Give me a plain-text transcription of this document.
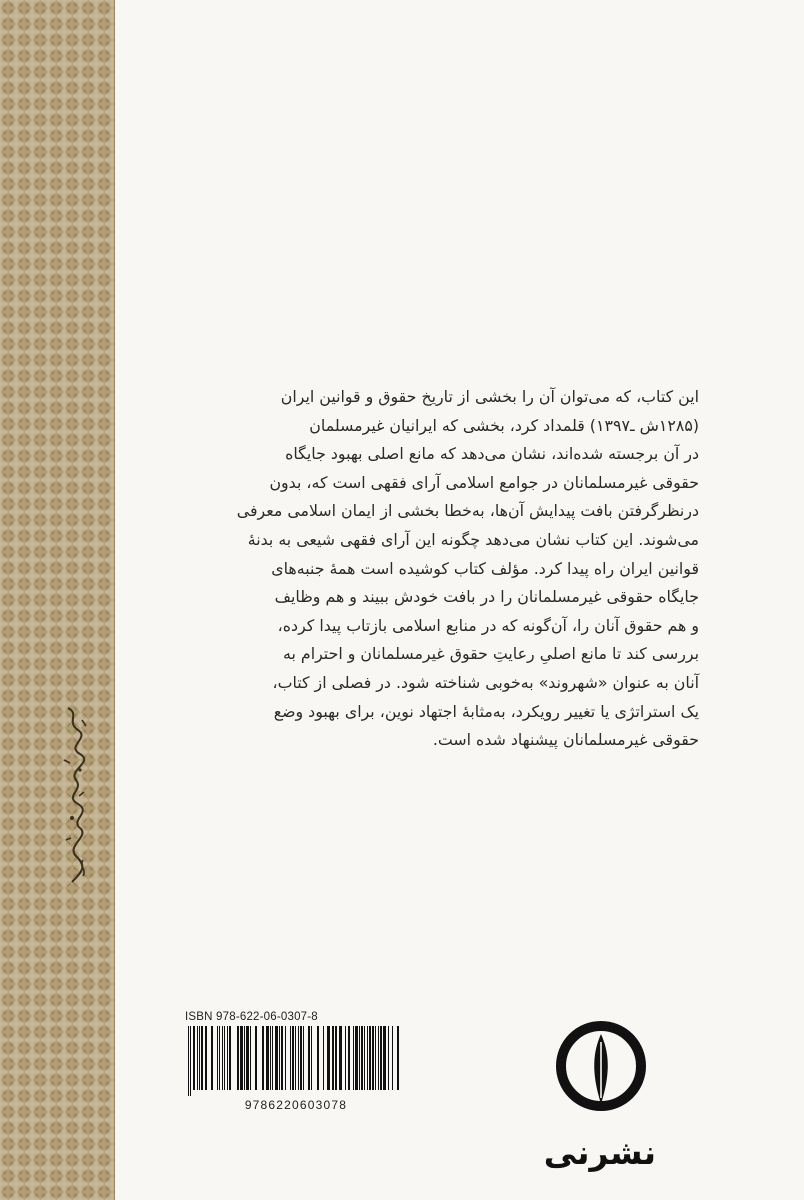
این کتاب، که می‌توان آن را بخشی از تاریخ حقوق و قوانین ایران

(۱۲۸۵ش ـ۱۳۹۷) قلمداد کرد، بخشی که ایرانیان غیرمسلمان

در آن برجسته شده‌اند، نشان می‌دهد که مانع اصلی بهبود جایگاه

حقوقی غیرمسلمانان در جوامع اسلامی آرای فقهی است که، بدون

درنظرگرفتن بافت پیدایش آن‌ها، به‌خطا بخشی از ایمان اسلامی معرفی

می‌شوند. این کتاب نشان می‌دهد چگونه این آرای فقهی شیعی به بدنهٔ

قوانین ایران راه پیدا کرد. مؤلف کتاب کوشیده است همهٔ جنبه‌های

جایگاه حقوقی غیرمسلمانان را در بافت خودش ببیند و هم وظایف

و هم حقوق آنان را، آن‌گونه که در منابع اسلامی بازتاب پیدا کرده،

بررسی کند تا مانع اصلیِ رعایتِ حقوق غیرمسلمانان و احترام به

آنان به عنوان «شهروند» به‌خوبی شناخته شود. در فصلی از کتاب،

یک استراتژی یا تغییر رویکرد، به‌مثابهٔ اجتهاد نوین، برای بهبود وضع

حقوقی غیرمسلمانان پیشنهاد شده است.

ISBN 978-622-06-0307-8
9786220603078
نشرنی
